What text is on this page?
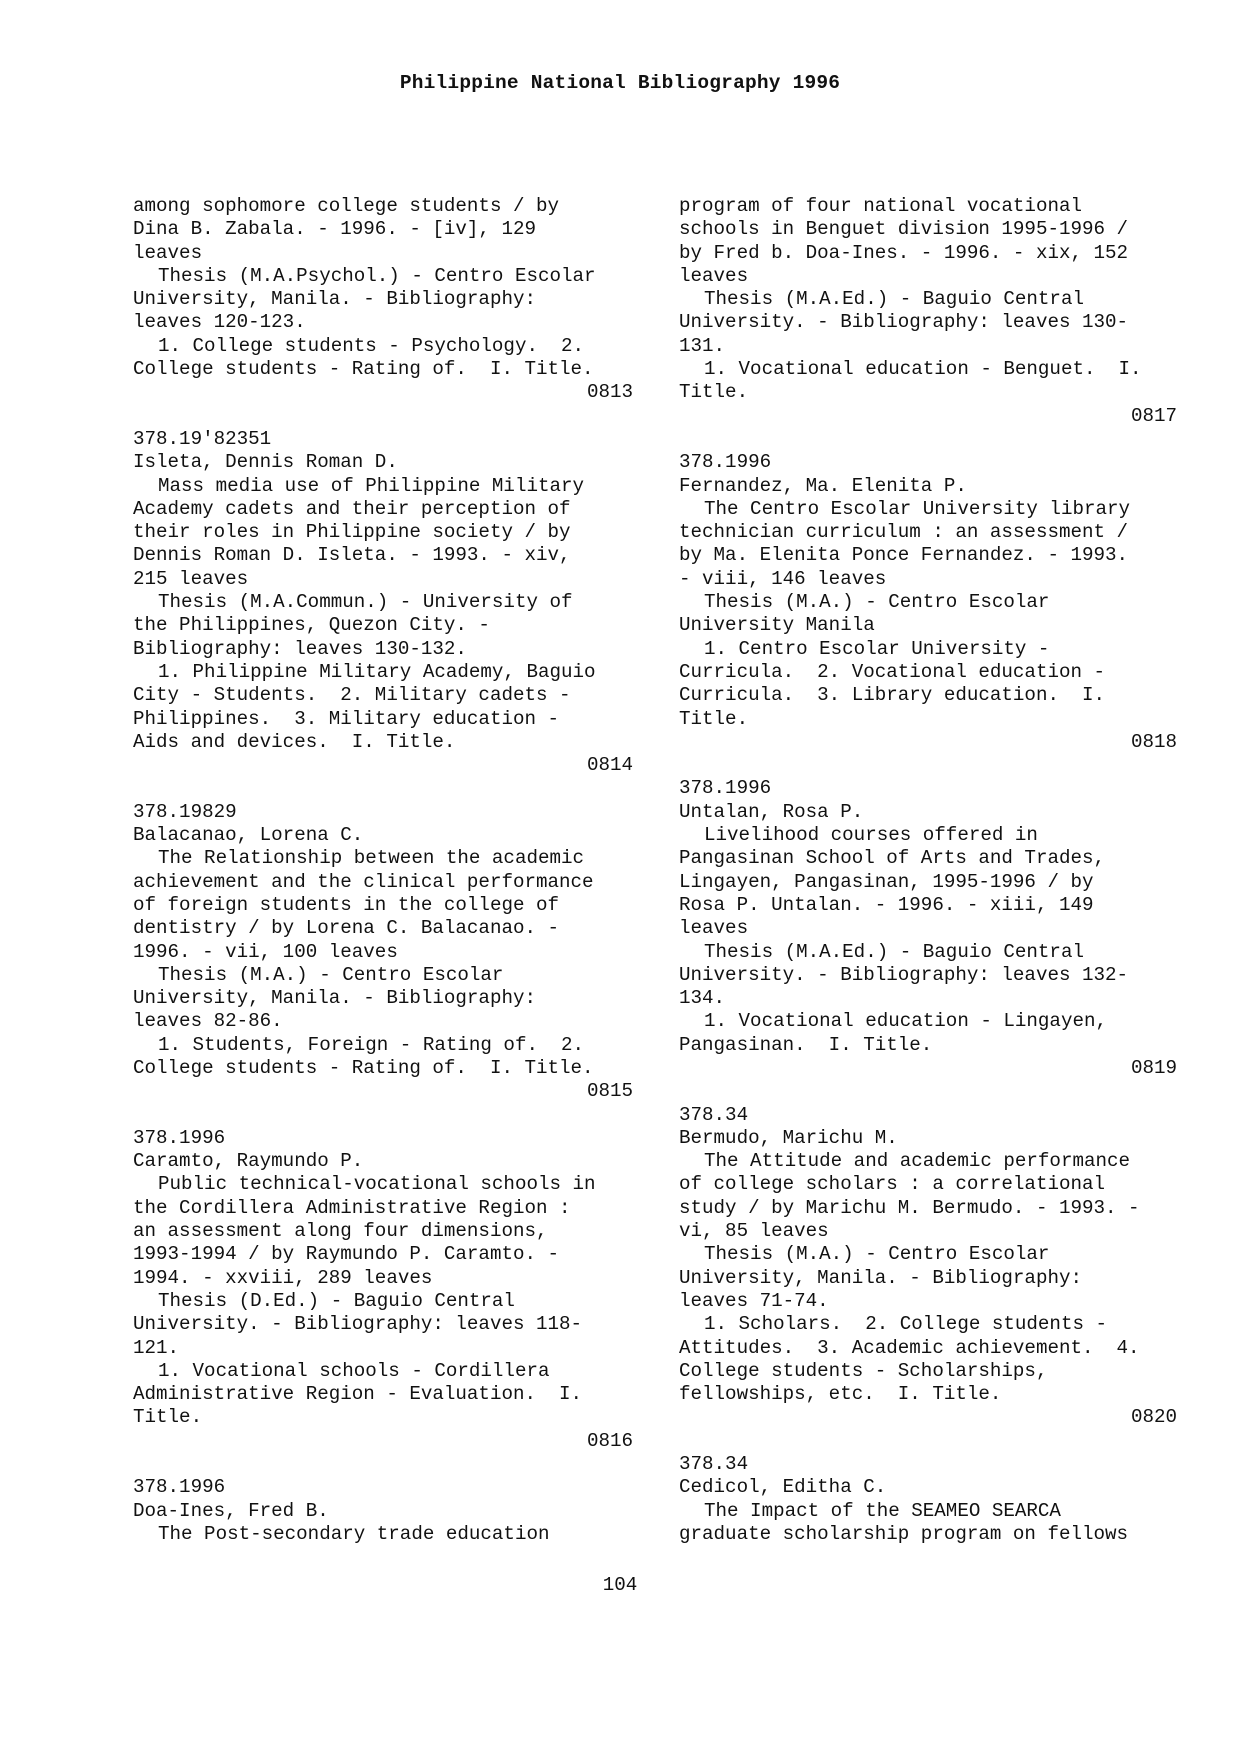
Philippine National Bibliography 1996
among sophomore college students / by
Dina B. Zabala. - 1996. - [iv], 129
leaves
Thesis (M.A.Psychol.) - Centro Escolar
University, Manila. - Bibliography:
leaves 120-123.
1. College students - Psychology.  2.
College students - Rating of.  I. Title.
0813
378.19'82351
Isleta, Dennis Roman D.
Mass media use of Philippine Military
Academy cadets and their perception of
their roles in Philippine society / by
Dennis Roman D. Isleta. - 1993. - xiv,
215 leaves
Thesis (M.A.Commun.) - University of
the Philippines, Quezon City. -
Bibliography: leaves 130-132.
1. Philippine Military Academy, Baguio
City - Students.  2. Military cadets -
Philippines.  3. Military education -
Aids and devices.  I. Title.
0814
378.19829
Balacanao, Lorena C.
The Relationship between the academic
achievement and the clinical performance
of foreign students in the college of
dentistry / by Lorena C. Balacanao. -
1996. - vii, 100 leaves
Thesis (M.A.) - Centro Escolar
University, Manila. - Bibliography:
leaves 82-86.
1. Students, Foreign - Rating of.  2.
College students - Rating of.  I. Title.
0815
378.1996
Caramto, Raymundo P.
Public technical-vocational schools in
the Cordillera Administrative Region :
an assessment along four dimensions,
1993-1994 / by Raymundo P. Caramto. -
1994. - xxviii, 289 leaves
Thesis (D.Ed.) - Baguio Central
University. - Bibliography: leaves 118-
121.
1. Vocational schools - Cordillera
Administrative Region - Evaluation.  I.
Title.
0816
378.1996
Doa-Ines, Fred B.
The Post-secondary trade education
program of four national vocational
schools in Benguet division 1995-1996 /
by Fred b. Doa-Ines. - 1996. - xix, 152
leaves
Thesis (M.A.Ed.) - Baguio Central
University. - Bibliography: leaves 130-
131.
1. Vocational education - Benguet.  I.
Title.
0817
378.1996
Fernandez, Ma. Elenita P.
The Centro Escolar University library
technician curriculum : an assessment /
by Ma. Elenita Ponce Fernandez. - 1993.
- viii, 146 leaves
Thesis (M.A.) - Centro Escolar
University Manila
1. Centro Escolar University -
Curricula.  2. Vocational education -
Curricula.  3. Library education.  I.
Title.
0818
378.1996
Untalan, Rosa P.
Livelihood courses offered in
Pangasinan School of Arts and Trades,
Lingayen, Pangasinan, 1995-1996 / by
Rosa P. Untalan. - 1996. - xiii, 149
leaves
Thesis (M.A.Ed.) - Baguio Central
University. - Bibliography: leaves 132-
134.
1. Vocational education - Lingayen,
Pangasinan.  I. Title.
0819
378.34
Bermudo, Marichu M.
The Attitude and academic performance
of college scholars : a correlational
study / by Marichu M. Bermudo. - 1993. -
vi, 85 leaves
Thesis (M.A.) - Centro Escolar
University, Manila. - Bibliography:
leaves 71-74.
1. Scholars.  2. College students -
Attitudes.  3. Academic achievement.  4.
College students - Scholarships,
fellowships, etc.  I. Title.
0820
378.34
Cedicol, Editha C.
The Impact of the SEAMEO SEARCA
graduate scholarship program on fellows
104
